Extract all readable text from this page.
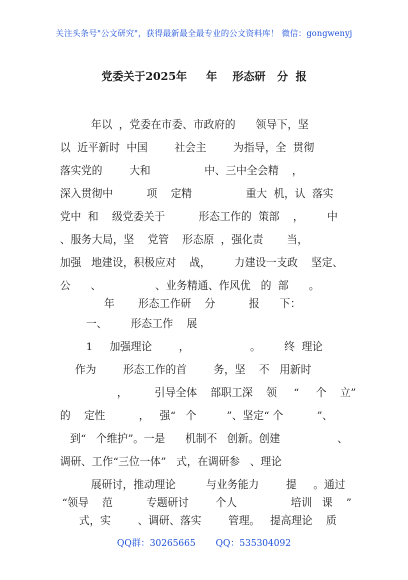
关注头条号"公文研究"，获得最新最全最专业的公文资料库！ 微信：gongwenyj
党委关于2025年     年    形态研   分  报
年以  ，党委在市委、市政府的      领导下，坚
以  近平新时  中国        社会主        为指导，全  贯彻
落实党的        大和                中、三中全会精    ，
深入贯彻中          项    定精                重大  机，认  落实
党中  和    级党委关于          形态工作的  策部    ，       中
、服务大局，坚    党管    形态原  ，强化责       当，
加强   地建设，积极应对    战，       力建设一支政    坚定、
公      、                、业务精通、作风优   的  部      。
年       形态工作研    分          报      下：
一、       形态工作    展
1     加强理论        ，                  。       终  理论
作为        形态工作的首        务，坚    不   用新时
，        引导全体    部职工深    领     “     个    立”
的    定性          ，   强“   个         ”、坚定“ 个          ”、
到“   个维护”。一是      机制不   创新。创建                 、
调研、工作“三位一体”   式，在调研参   、理论
展研讨，推动理论         与业务能力        提     。通过
“领导    范          专题研讨        个人                培训   课    ”
式，实        、调研、落实        管理。   提高理论    质
QQ群：30265665       QQ：535304092
